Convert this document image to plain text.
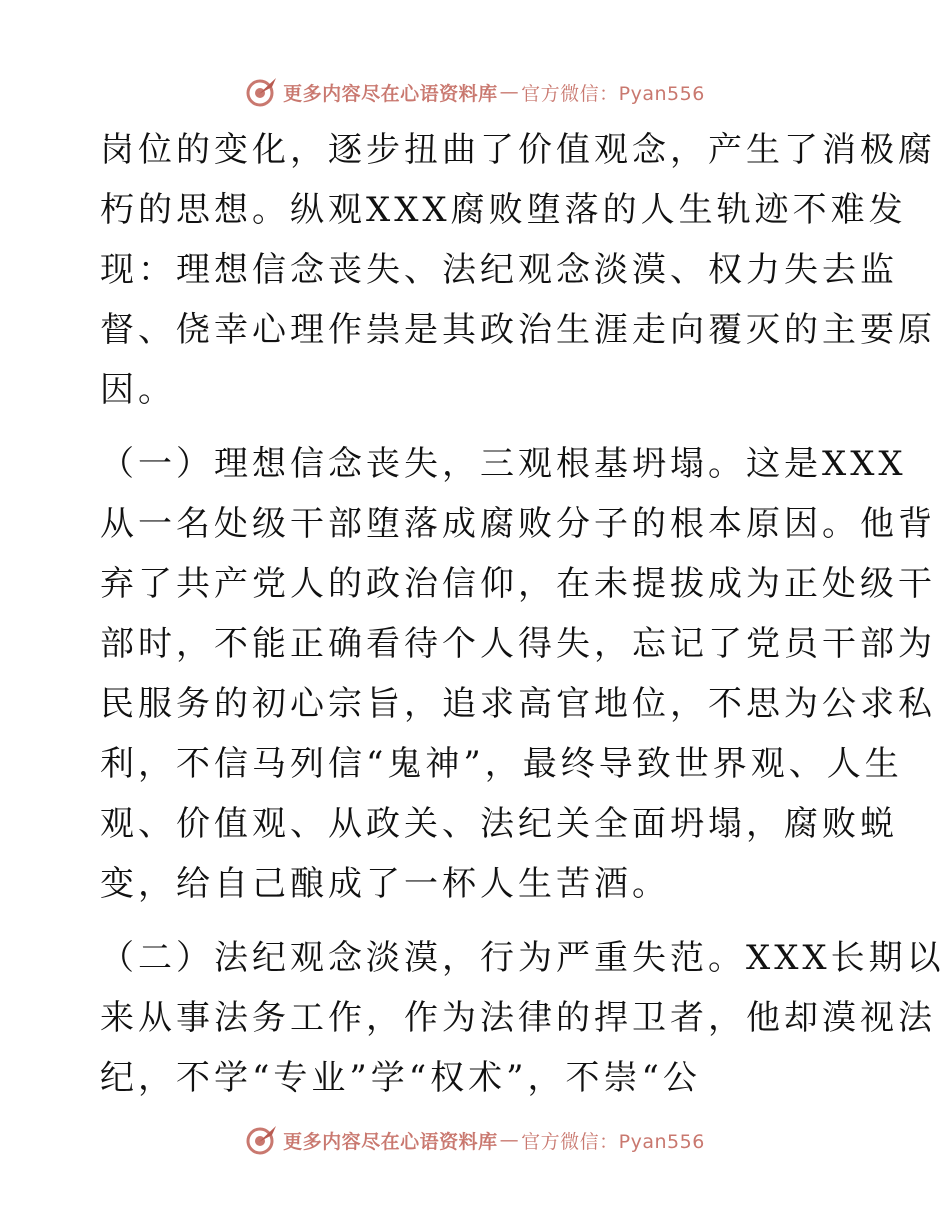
更多内容尽在心语资料库 — 官方微信：Pyan556
岗位的变化，逐步扭曲了价值观念，产生了消极腐
朽的思想。纵观XXX腐败堕落的人生轨迹不难发
现：理想信念丧失、法纪观念淡漠、权力失去监
督、侥幸心理作祟是其政治生涯走向覆灭的主要原
因。
（一）理想信念丧失，三观根基坍塌。这是XXX
从一名处级干部堕落成腐败分子的根本原因。他背
弃了共产党人的政治信仰，在未提拔成为正处级干
部时，不能正确看待个人得失，忘记了党员干部为
民服务的初心宗旨，追求高官地位，不思为公求私
利，不信马列信“鬼神”，最终导致世界观、人生
观、价值观、从政关、法纪关全面坍塌，腐败蜕
变，给自己酿成了一杯人生苦酒。
（二）法纪观念淡漠，行为严重失范。XXX长期以
来从事法务工作，作为法律的捍卫者，他却漠视法
纪，不学“专业”学“权术”，不崇“公
更多内容尽在心语资料库 — 官方微信：Pyan556
